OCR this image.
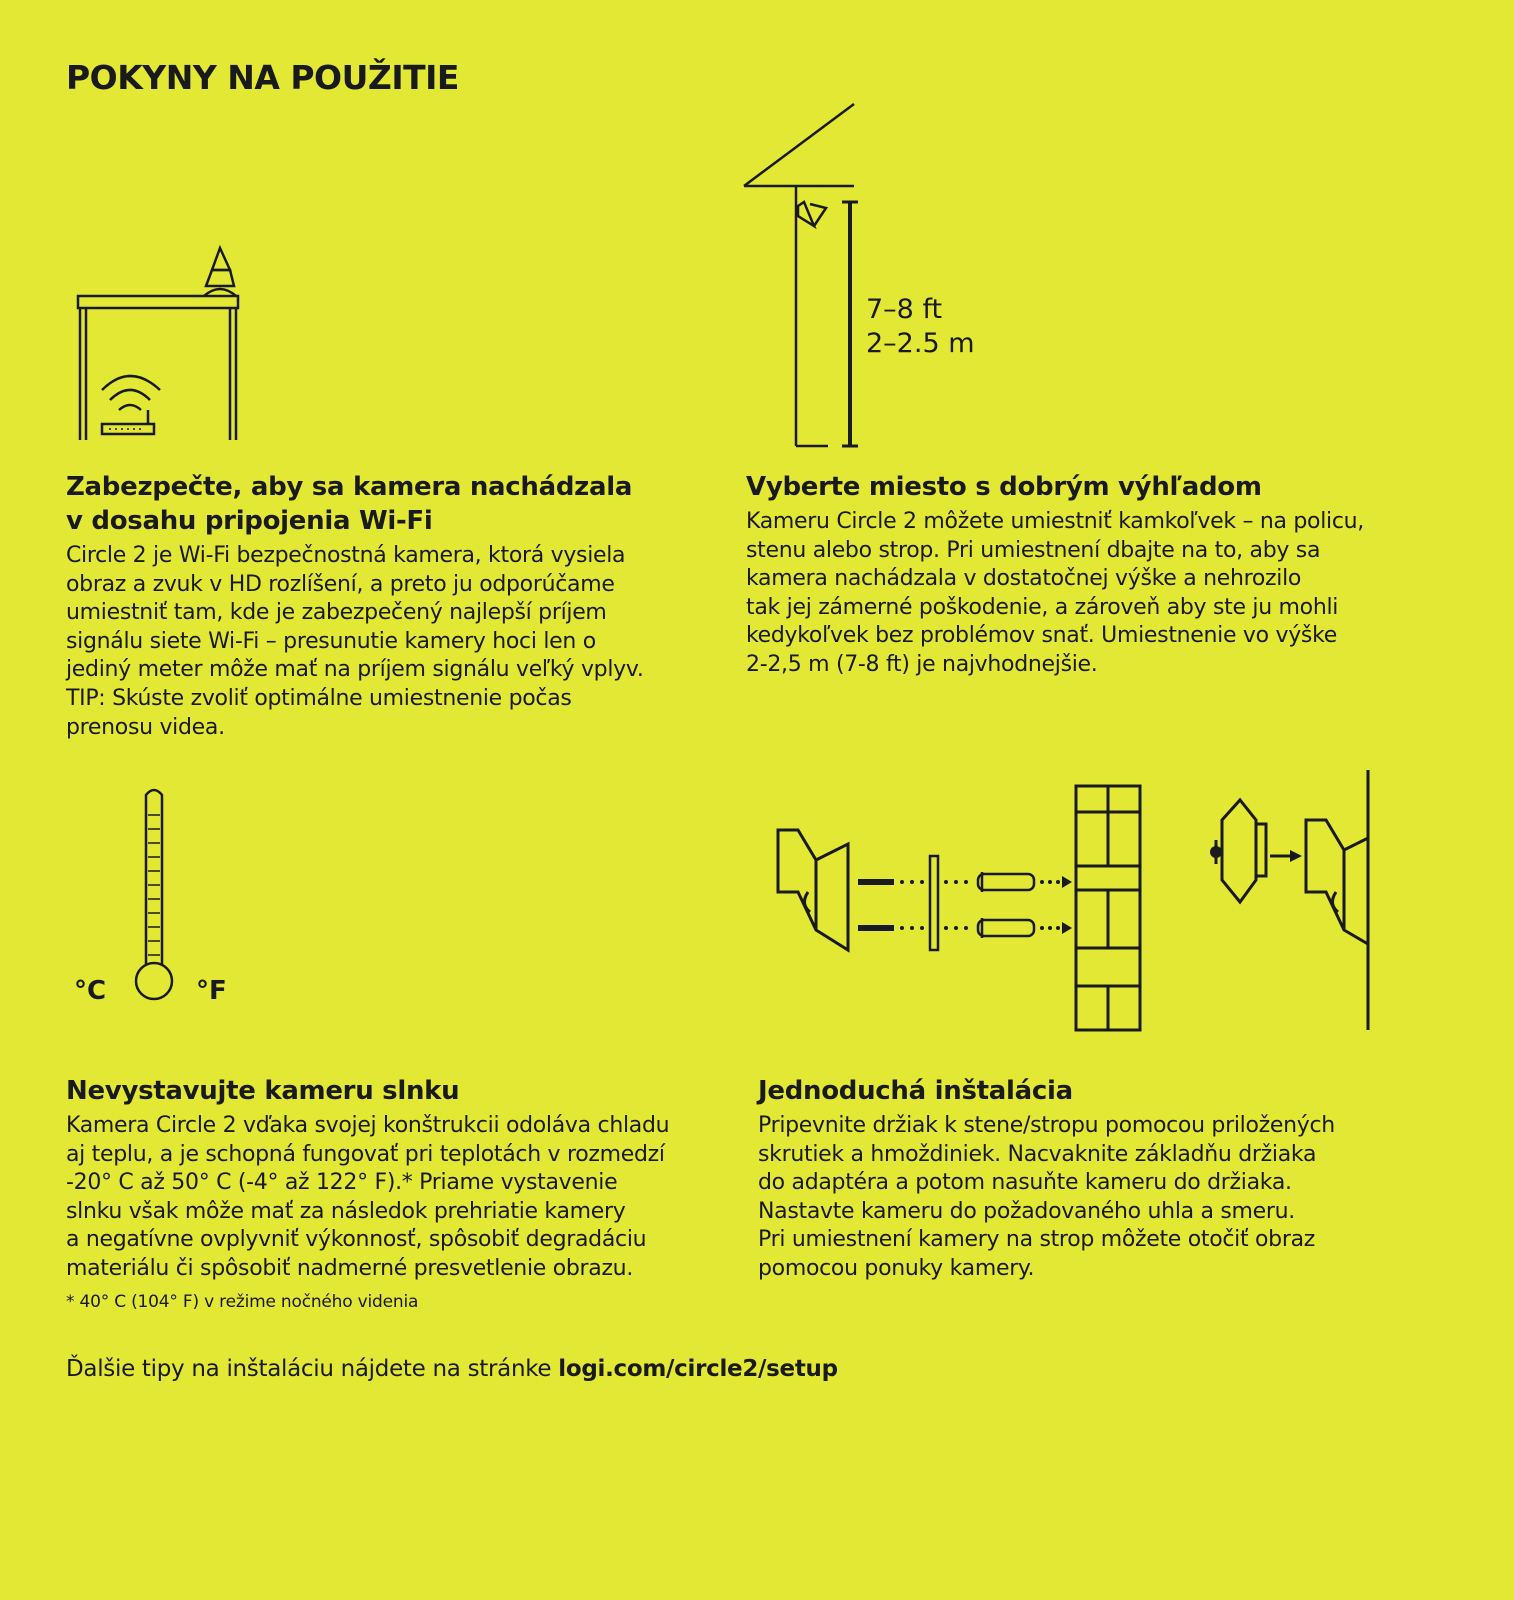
POKYNY NA POUŽITIE
7–8 ft
2–2.5 m
°C	°F
Zabezpečte, aby sa kamera nachádzala
v dosahu pripojenia Wi-Fi

Circle 2 je Wi-Fi bezpečnostná kamera, ktorá vysiela
obraz a zvuk v HD rozlíšení, a preto ju odporúčame
umiestniť tam, kde je zabezpečený najlepší príjem
signálu siete Wi-Fi – presunutie kamery hoci len o
jediný meter môže mať na príjem signálu veľký vplyv.
TIP: Skúste zvoliť optimálne umiestnenie počas
prenosu videa.

Vyberte miesto s dobrým výhľadom

Kameru Circle 2 môžete umiestniť kamkoľvek – na policu,
stenu alebo strop. Pri umiestnení dbajte na to, aby sa
kamera nachádzala v dostatočnej výške a nehrozilo
tak jej zámerné poškodenie, a zároveň aby ste ju mohli
kedykoľvek bez problémov snať. Umiestnenie vo výške
2-2,5 m (7-8 ft) je najvhodnejšie.

Nevystavujte kameru slnku

Kamera Circle 2 vďaka svojej konštrukcii odoláva chladu
aj teplu, a je schopná fungovať pri teplotách v rozmedzí
-20° C až 50° C (-4° až 122° F).* Priame vystavenie
slnku však môže mať za následok prehriatie kamery
a negatívne ovplyvniť výkonnosť, spôsobiť degradáciu
materiálu či spôsobiť nadmerné presvetlenie obrazu.

* 40° C (104° F) v režime nočného videnia

Jednoduchá inštalácia

Pripevnite držiak k stene/stropu pomocou priložených
skrutiek a hmoždiniek. Nacvaknite základňu držiaka
do adaptéra a potom nasuňte kameru do držiaka.
Nastavte kameru do požadovaného uhla a smeru.
Pri umiestnení kamery na strop môžete otočiť obraz
pomocou ponuky kamery.

Ďalšie tipy na inštaláciu nájdete na stránke logi.com/circle2/setup
